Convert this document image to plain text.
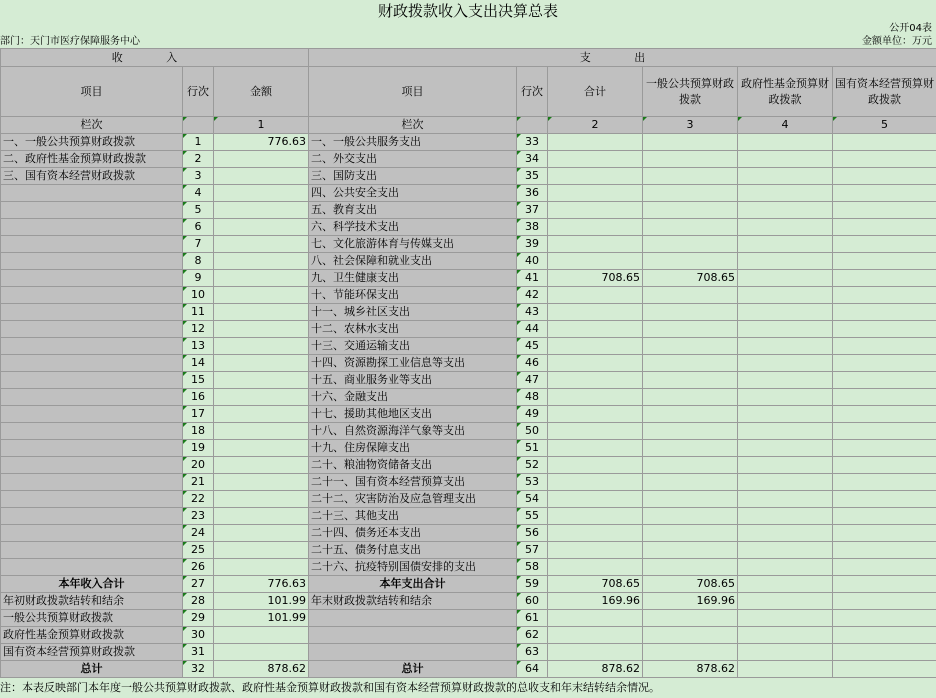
财政拨款收入支出决算总表
公开04表
部门：天门市医疗保障服务中心	金额单位：万元
收 入			支 出					
项目	行次	金额	项目	行次	合计	一般公共预算财政拨款	政府性基金预算财政拨款	国有资本经营预算财政拨款
栏次		1	栏次		2	3	4	5
一、一般公共预算财政拨款	1	776.63	一、一般公共服务支出	33				
二、政府性基金预算财政拨款	2		二、外交支出	34				
三、国有资本经营财政拨款	3		三、国防支出	35				
	4		四、公共安全支出	36				
	5		五、教育支出	37				
	6		六、科学技术支出	38				
	7		七、文化旅游体育与传媒支出	39				
	8		八、社会保障和就业支出	40				
	9		九、卫生健康支出	41	708.65	708.65		
	10		十、节能环保支出	42				
	11		十一、城乡社区支出	43				
	12		十二、农林水支出	44				
	13		十三、交通运输支出	45				
	14		十四、资源勘探工业信息等支出	46				
	15		十五、商业服务业等支出	47				
	16		十六、金融支出	48				
	17		十七、援助其他地区支出	49				
	18		十八、自然资源海洋气象等支出	50				
	19		十九、住房保障支出	51				
	20		二十、粮油物资储备支出	52				
	21		二十一、国有资本经营预算支出	53				
	22		二十二、灾害防治及应急管理支出	54				
	23		二十三、其他支出	55				
	24		二十四、债务还本支出	56				
	25		二十五、债务付息支出	57				
	26		二十六、抗疫特别国债安排的支出	58				
本年收入合计	27	776.63	本年支出合计	59	708.65	708.65		
年初财政拨款结转和结余	28	101.99	年末财政拨款结转和结余	60	169.96	169.96		
一般公共预算财政拨款	29	101.99		61				
政府性基金预算财政拨款	30			62				
国有资本经营预算财政拨款	31			63				
总计	32	878.62	总计	64	878.62	878.62		
注：本表反映部门本年度一般公共预算财政拨款、政府性基金预算财政拨款和国有资本经营预算财政拨款的总收支和年末结转结余情况。
